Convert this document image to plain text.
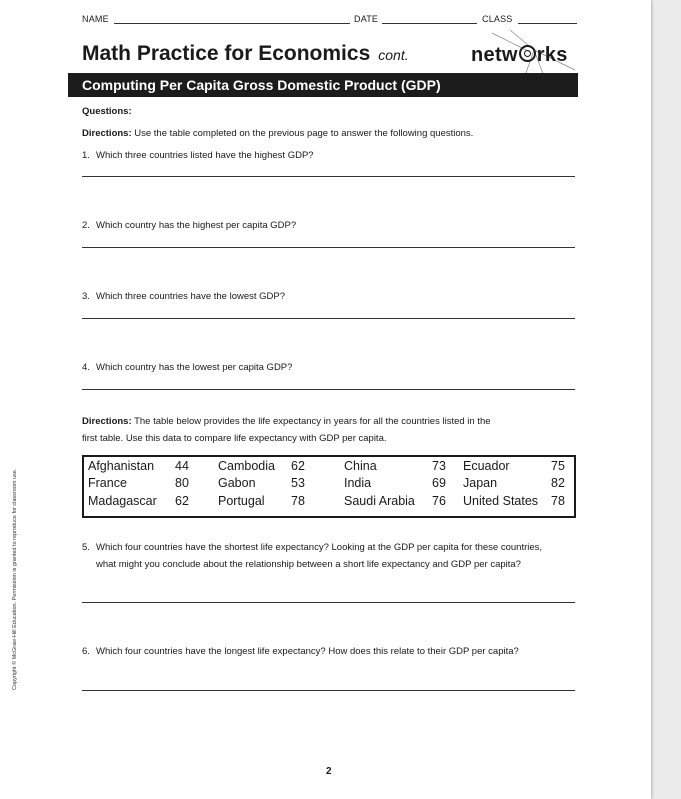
NAME	DATE	CLASS
Math Practice for Economics cont.	netw rks
Computing Per Capita Gross Domestic Product (GDP)
Questions:
Directions: Use the table completed on the previous page to answer the following questions.
1. Which three countries listed have the highest GDP?
2. Which country has the highest per capita GDP?
3. Which three countries have the lowest GDP?
4. Which country has the lowest per capita GDP?
Directions: The table below provides the life expectancy in years for all the countries listed in the
first table. Use this data to compare life expectancy with GDP per capita.
Afghanistan 44 Cambodia 62	China	73 Ecuador	75
France	80 Gabon	53	India	69 Japan	82
Madagascar 62 Portugal 78	Saudi Arabia 76 United States 78
5. Which four countries have the shortest life expectancy? Looking at the GDP per capita for these countries, what might you conclude about the relationship between a short life expectancy and GDP per capita?
6. Which four countries have the longest life expectancy? How does this relate to their GDP per capita?
Copyright © McGraw-Hill Education. Permission is granted to reproduce for classroom use.
2
